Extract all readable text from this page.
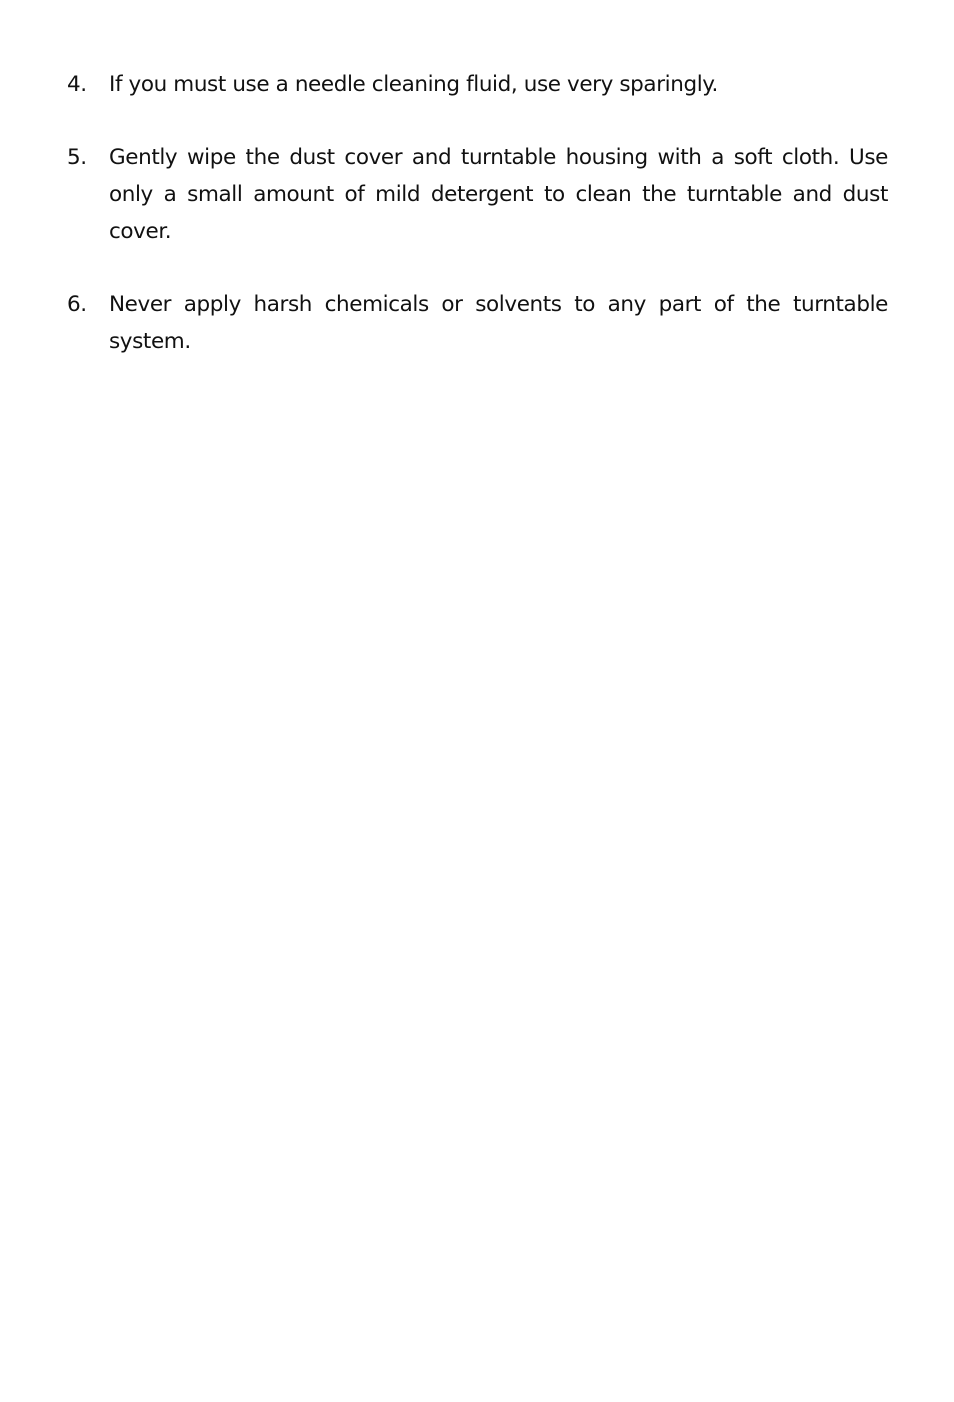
4.	If you must use a needle cleaning fluid, use very sparingly.
5.	Gently wipe the dust cover and turntable housing with a soft cloth. Use only a small amount of mild detergent to clean the turntable and dust cover.
6.	Never apply harsh chemicals or solvents to any part of the turntable system.
